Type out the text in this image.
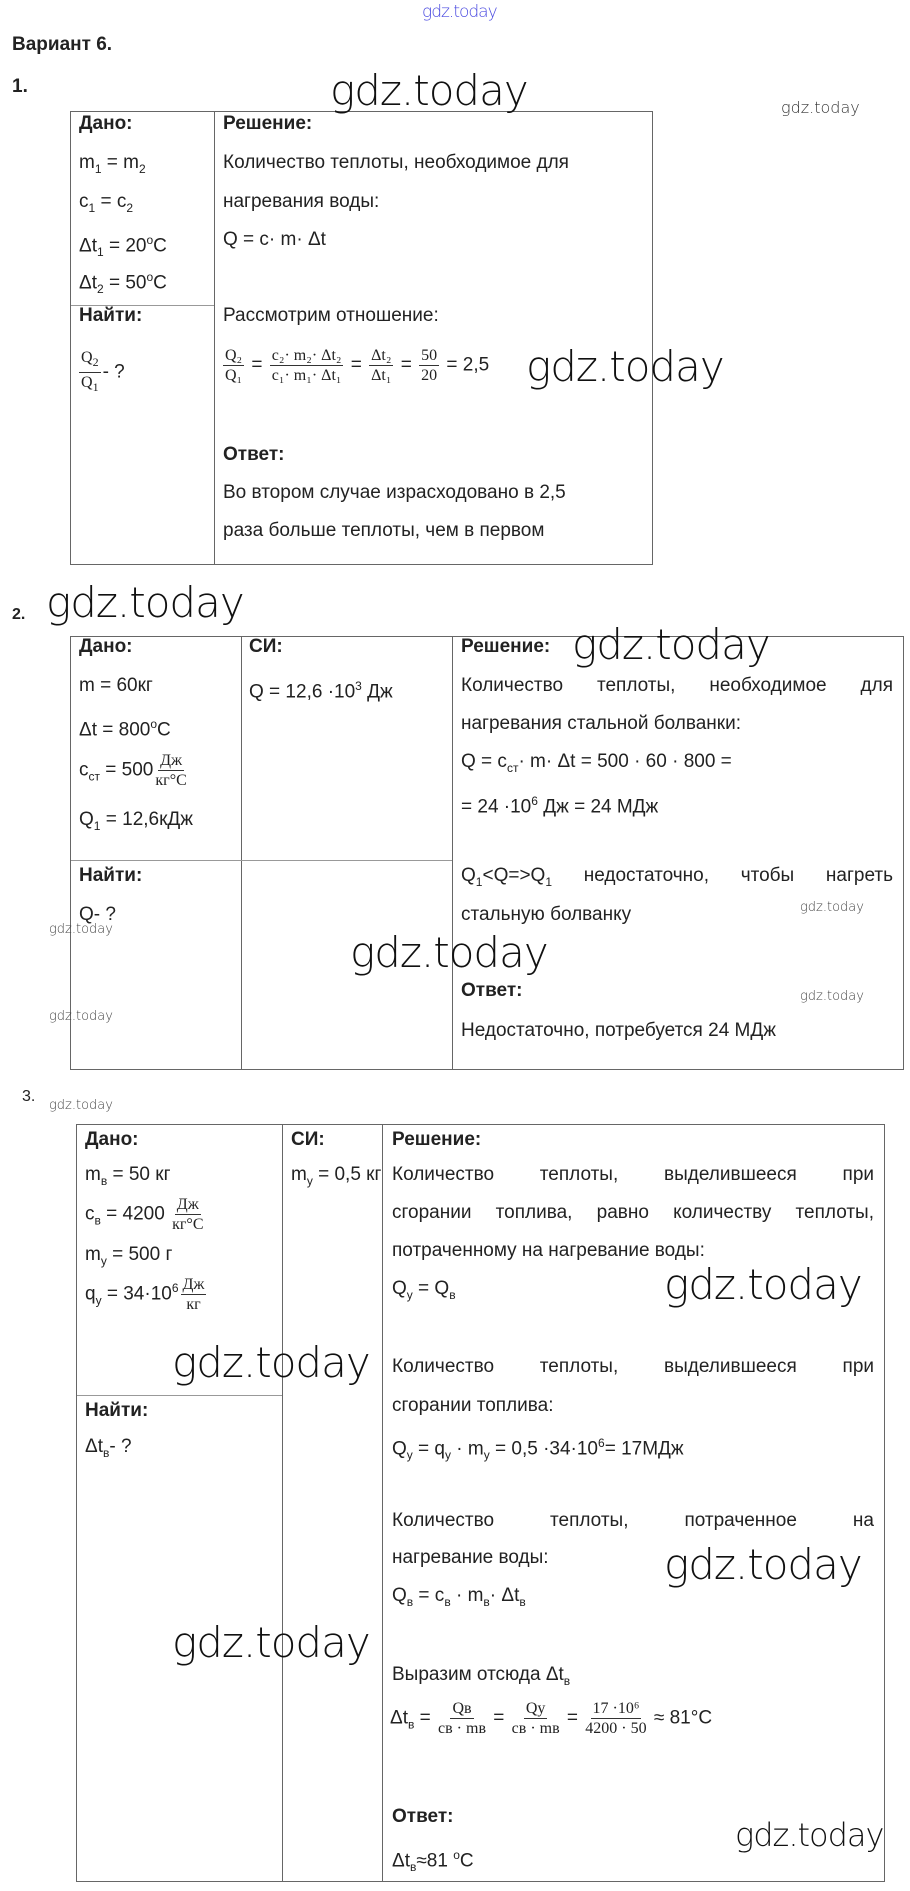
gdz.today
Вариант 6.
1.
Дано:
$m_1 = m_2$
$c_1 = c_2$
$\Delta t_1 = 20^oC$
$\Delta t_2 = 50^oC$
Найти:
$\frac{Q_2}{Q_1}$ - ?
Решение:
Количество теплоты, необходимое для
нагревания воды:
Q = c· m· Δt
Рассмотрим отношение:
$\frac{\text{Q₂}}{\text{Q₁}} = \frac{\text{c₂· m₂· Δt₂}}{\text{c₁· m₁· Δt₁}} = \frac{\text{Δt₂}}{\text{Δt₁}} = \frac{50}{20} = 2,5$
Ответ:
Во втором случае израсходовано в 2,5
раза больше теплоты, чем в первом
2.
Дано:
m = 60кг
$\Delta t = 800^oC$
$c_{ст} = 500$ Дж
кг°C
$Q_1 = 12,6кДж$
Найти:
Q- ?
СИ:
$Q = 12,6 \cdot 10^3$ Дж
Решение:
Количество теплоты, необходимое для
нагревания стальной болванки:
$Q = c_{ст}\cdot m\cdot \Delta t = 500 \cdot 60 \cdot 800$ =
= $24 \cdot 10^6$ Дж = 24 МДж
$Q_1<Q=>Q_1$ недостаточно, чтобы нагреть
стальную болванку
Ответ:
Недостаточно, потребуется 24 МДж
3.
Дано:
$m_в = 50$ кг
$c_в = 4200$ Дж
кг°C
$m_у = 500$ г
$q_у = 34\cdot 10^6$ Дж
кг
Найти:
$\Delta t_в-$ ?
СИ:
$m_у = 0,5$ кг
Решение:
Количество теплоты, выделившееся при
сгорании топлива, равно количеству теплоты,
потраченному на нагревание воды:
$Q_у = Q_в$
Количество теплоты, выделившееся при
сгорании топлива:
$Q_у = q_у \cdot m_у = 0,5 \cdot 34\cdot 10^6= 17МДж$
Количество теплоты, потраченное на
нагревание воды:
$Q_в = c_в \cdot m_в\cdot \Delta t_в$
Выразим отсюда $\Delta t_в$
$\Delta t_в$ = Qв
cв · mв = Qу
cв · mв = $\frac{\text{17 ·10⁶}}{4200 \cdot 50} \approx 81^\circ C$
Ответ:
$\Delta t_в\approx 81$ $^o$C
gdz.today	gdz.today
gdz.today
gdz.today
gdz.today
gdz.today
gdz.today
gdz.today
gdz.today
gdz.today
gdz.today
gdz.today
gdz.today
gdz.today
gdz.today
gdz.today
